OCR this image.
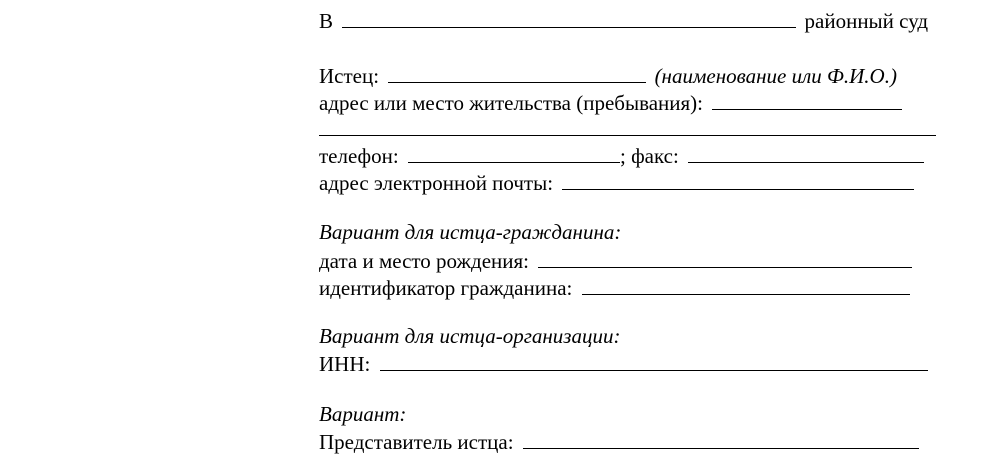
В	районный суд
Истец:	(наименование или Ф.И.О.)
адрес или место жительства (пребывания):
телефон:	; факс:
адрес электронной почты:
Вариант для истца-гражданина:
дата и место рождения:
идентификатор гражданина:
Вариант для истца-организации:
ИНН:
Вариант:
Представитель истца:
